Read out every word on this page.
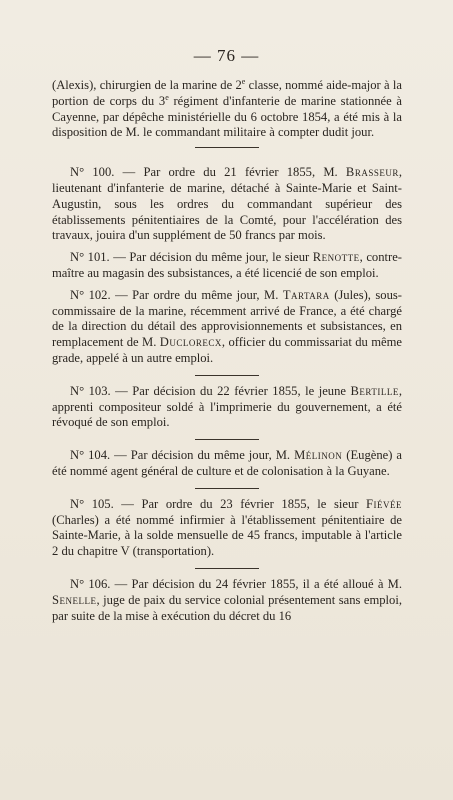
— 76 —

(Alexis), chirurgien de la marine de 2e classe, nommé aide-major à la portion de corps du 3e régiment d'infanterie de marine stationnée à Cayenne, par dépêche ministérielle du 6 octobre 1854, a été mis à la disposition de M. le commandant militaire à compter dudit jour.

N° 100. — Par ordre du 21 février 1855, M. Brasseur, lieutenant d'infanterie de marine, détaché à Sainte-Marie et Saint-Augustin, sous les ordres du commandant supérieur des établissements pénitentiaires de la Comté, pour l'accélération des travaux, jouira d'un supplément de 50 francs par mois.

N° 101. — Par décision du même jour, le sieur Renotte, contre-maître au magasin des subsistances, a été licencié de son emploi.

N° 102. — Par ordre du même jour, M. Tartara (Jules), sous-commissaire de la marine, récemment arrivé de France, a été chargé de la direction du détail des approvisionnements et subsistances, en remplacement de M. Duclorecx, officier du commissariat du même grade, appelé à un autre emploi.

N° 103. — Par décision du 22 février 1855, le jeune Bertille, apprenti compositeur soldé à l'imprimerie du gouvernement, a été révoqué de son emploi.

N° 104. — Par décision du même jour, M. Mélinon (Eugène) a été nommé agent général de culture et de colonisation à la Guyane.

N° 105. — Par ordre du 23 février 1855, le sieur Fiévée (Charles) a été nommé infirmier à l'établissement pénitentiaire de Sainte-Marie, à la solde mensuelle de 45 francs, imputable à l'article 2 du chapitre V (transportation).

N° 106. — Par décision du 24 février 1855, il a été alloué à M. Senelle, juge de paix du service colonial présentement sans emploi, par suite de la mise à exécution du décret du 16
